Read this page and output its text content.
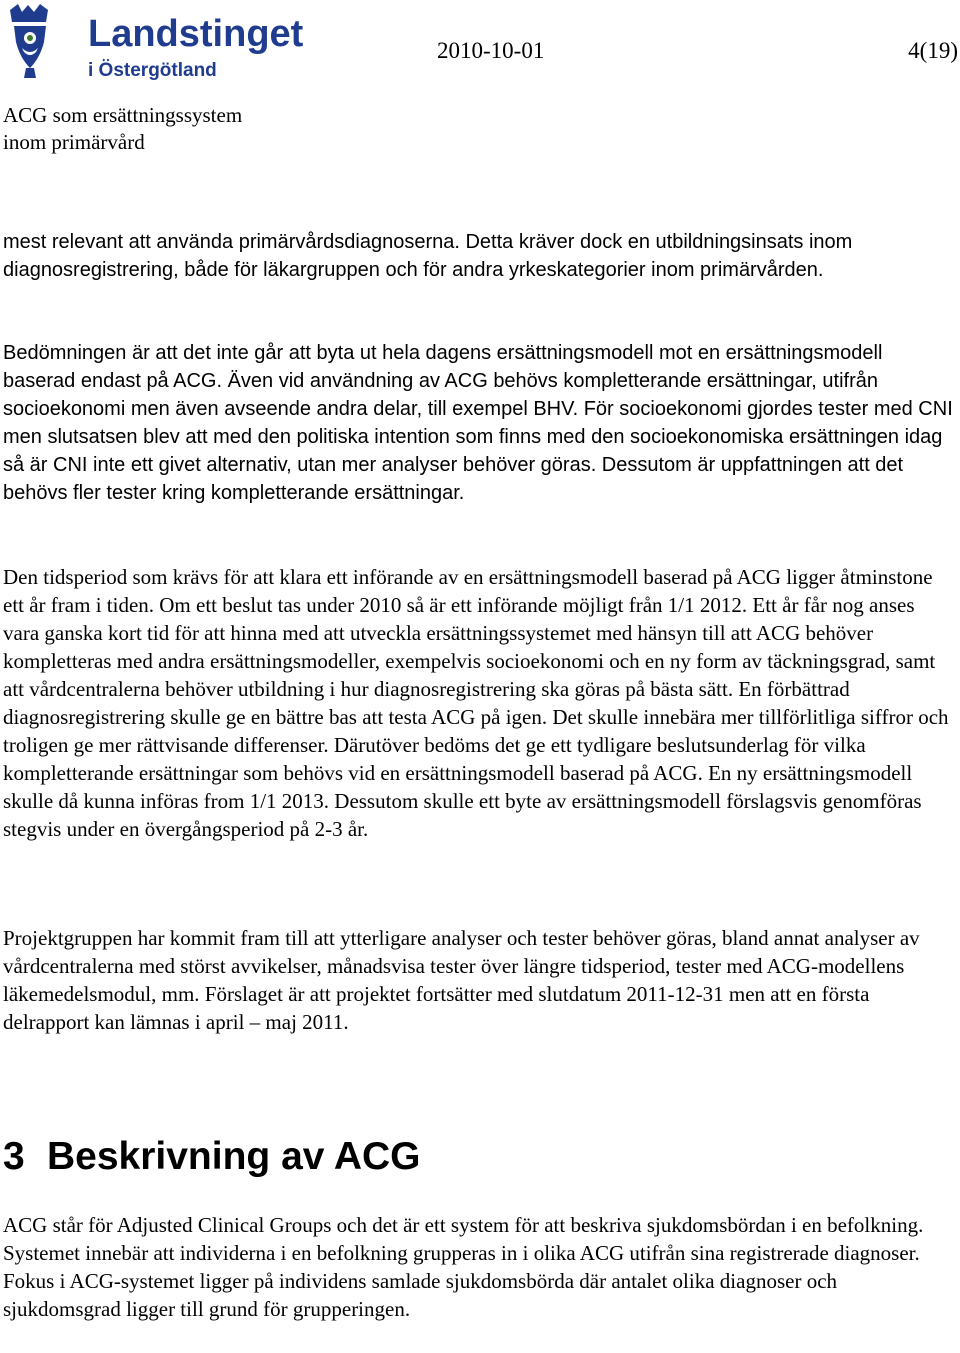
Landstinget
i Östergötland
2010-10-01	4(19)
ACG som ersättningssystem
inom primärvård

mest relevant att använda primärvårdsdiagnoserna. Detta kräver dock en utbildningsinsats inom diagnosregistrering, både för läkargruppen och för andra yrkeskategorier inom primärvården.

Bedömningen är att det inte går att byta ut hela dagens ersättningsmodell mot en ersättningsmodell baserad endast på ACG. Även vid användning av ACG behövs kompletterande ersättningar, utifrån socioekonomi men även avseende andra delar, till exempel BHV. För socioekonomi gjordes tester med CNI men slutsatsen blev att med den politiska intention som finns med den socioekonomiska ersättningen idag så är CNI inte ett givet alternativ, utan mer analyser behöver göras. Dessutom är uppfattningen att det behövs fler tester kring kompletterande ersättningar.

Den tidsperiod som krävs för att klara ett införande av en ersättningsmodell baserad på ACG ligger åtminstone ett år fram i tiden. Om ett beslut tas under 2010 så är ett införande möjligt från 1/1 2012. Ett år får nog anses vara ganska kort tid för att hinna med att utveckla ersättningssystemet med hänsyn till att ACG behöver kompletteras med andra ersättningsmodeller, exempelvis socioekonomi och en ny form av täckningsgrad, samt att vårdcentralerna behöver utbildning i hur diagnosregistrering ska göras på bästa sätt. En förbättrad diagnosregistrering skulle ge en bättre bas att testa ACG på igen. Det skulle innebära mer tillförlitliga siffror och troligen ge mer rättvisande differenser. Därutöver bedöms det ge ett tydligare beslutsunderlag för vilka kompletterande ersättningar som behövs vid en ersättningsmodell baserad på ACG. En ny ersättningsmodell skulle då kunna införas from 1/1 2013. Dessutom skulle ett byte av ersättningsmodell förslagsvis genomföras stegvis under en övergångsperiod på 2-3 år.

Projektgruppen har kommit fram till att ytterligare analyser och tester behöver göras, bland annat analyser av vårdcentralerna med störst avvikelser, månadsvisa tester över längre tidsperiod, tester med ACG-modellens läkemedelsmodul, mm. Förslaget är att projektet fortsätter med slutdatum 2011-12-31 men att en första delrapport kan lämnas i april – maj 2011.

3 Beskrivning av ACG

ACG står för Adjusted Clinical Groups och det är ett system för att beskriva sjukdomsbördan i en befolkning. Systemet innebär att individerna i en befolkning grupperas in i olika ACG utifrån sina registrerade diagnoser. Fokus i ACG-systemet ligger på individens samlade sjukdomsbörda där antalet olika diagnoser och sjukdomsgrad ligger till grund för grupperingen.
